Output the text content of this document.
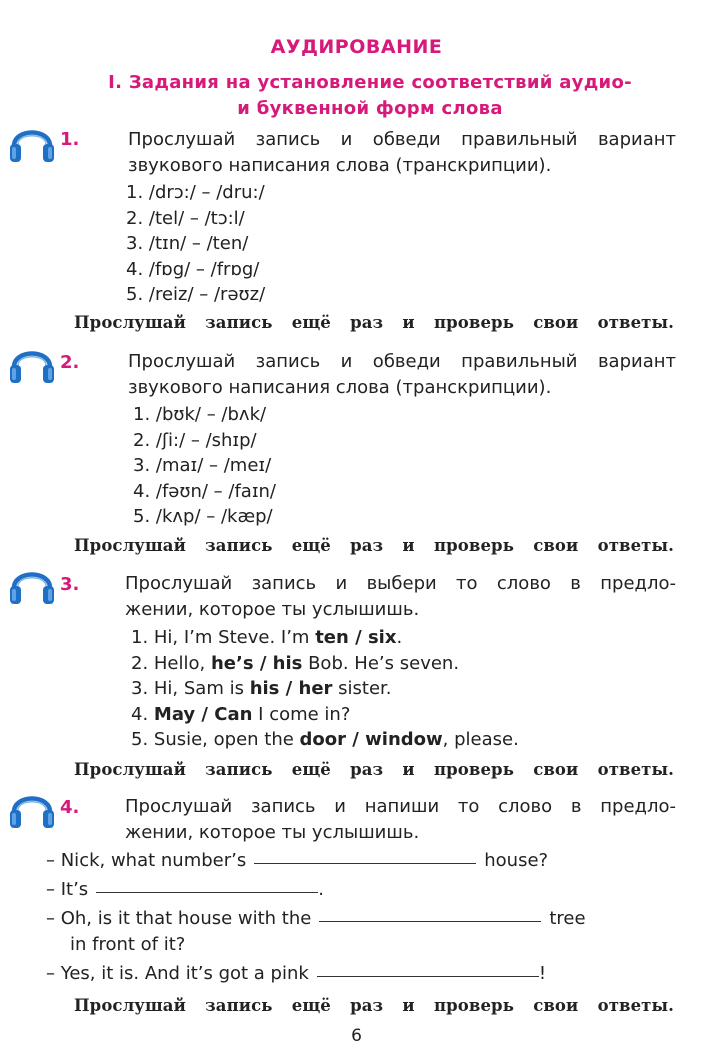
АУДИРОВАНИЕ
I. Задания на установление соответствий аудио-
и буквенной форм слова
1.	Прослушай запись и обведи правильный вариант
звукового написания слова (транскрипции).
1. /drɔ:/ – /dru:/
2. /tel/ – /tɔ:l/
3. /tɪn/ – /ten/
4. /fɒg/ – /frɒg/
5. /reiz/ – /rəʊz/
Прослушай запись ещё раз и проверь свои ответы.
2.	Прослушай запись и обведи правильный вариант
звукового написания слова (транскрипции).
1. /bʊk/ – /bʌk/
2. /ʃi:/ – /shɪp/
3. /maɪ/ – /meɪ/
4. /fəʊn/ – /faɪn/
5. /kʌp/ – /kæp/
Прослушай запись ещё раз и проверь свои ответы.
3.	Прослушай запись и выбери то слово в предло-
жении, которое ты услышишь.
1. Hi, I’m Steve. I’m ten / six.
2. Hello, he’s / his Bob. He’s seven.
3. Hi, Sam is his / her sister.
4. May / Can I come in?
5. Susie, open the door / window, please.
Прослушай запись ещё раз и проверь свои ответы.
4.	Прослушай запись и напиши то слово в предло-
жении, которое ты услышишь.
– Nick, what number’s	house?
– It’s	.
– Oh, is it that house with the	tree
in front of it?
– Yes, it is. And it’s got a pink	!
Прослушай запись ещё раз и проверь свои ответы.
6
